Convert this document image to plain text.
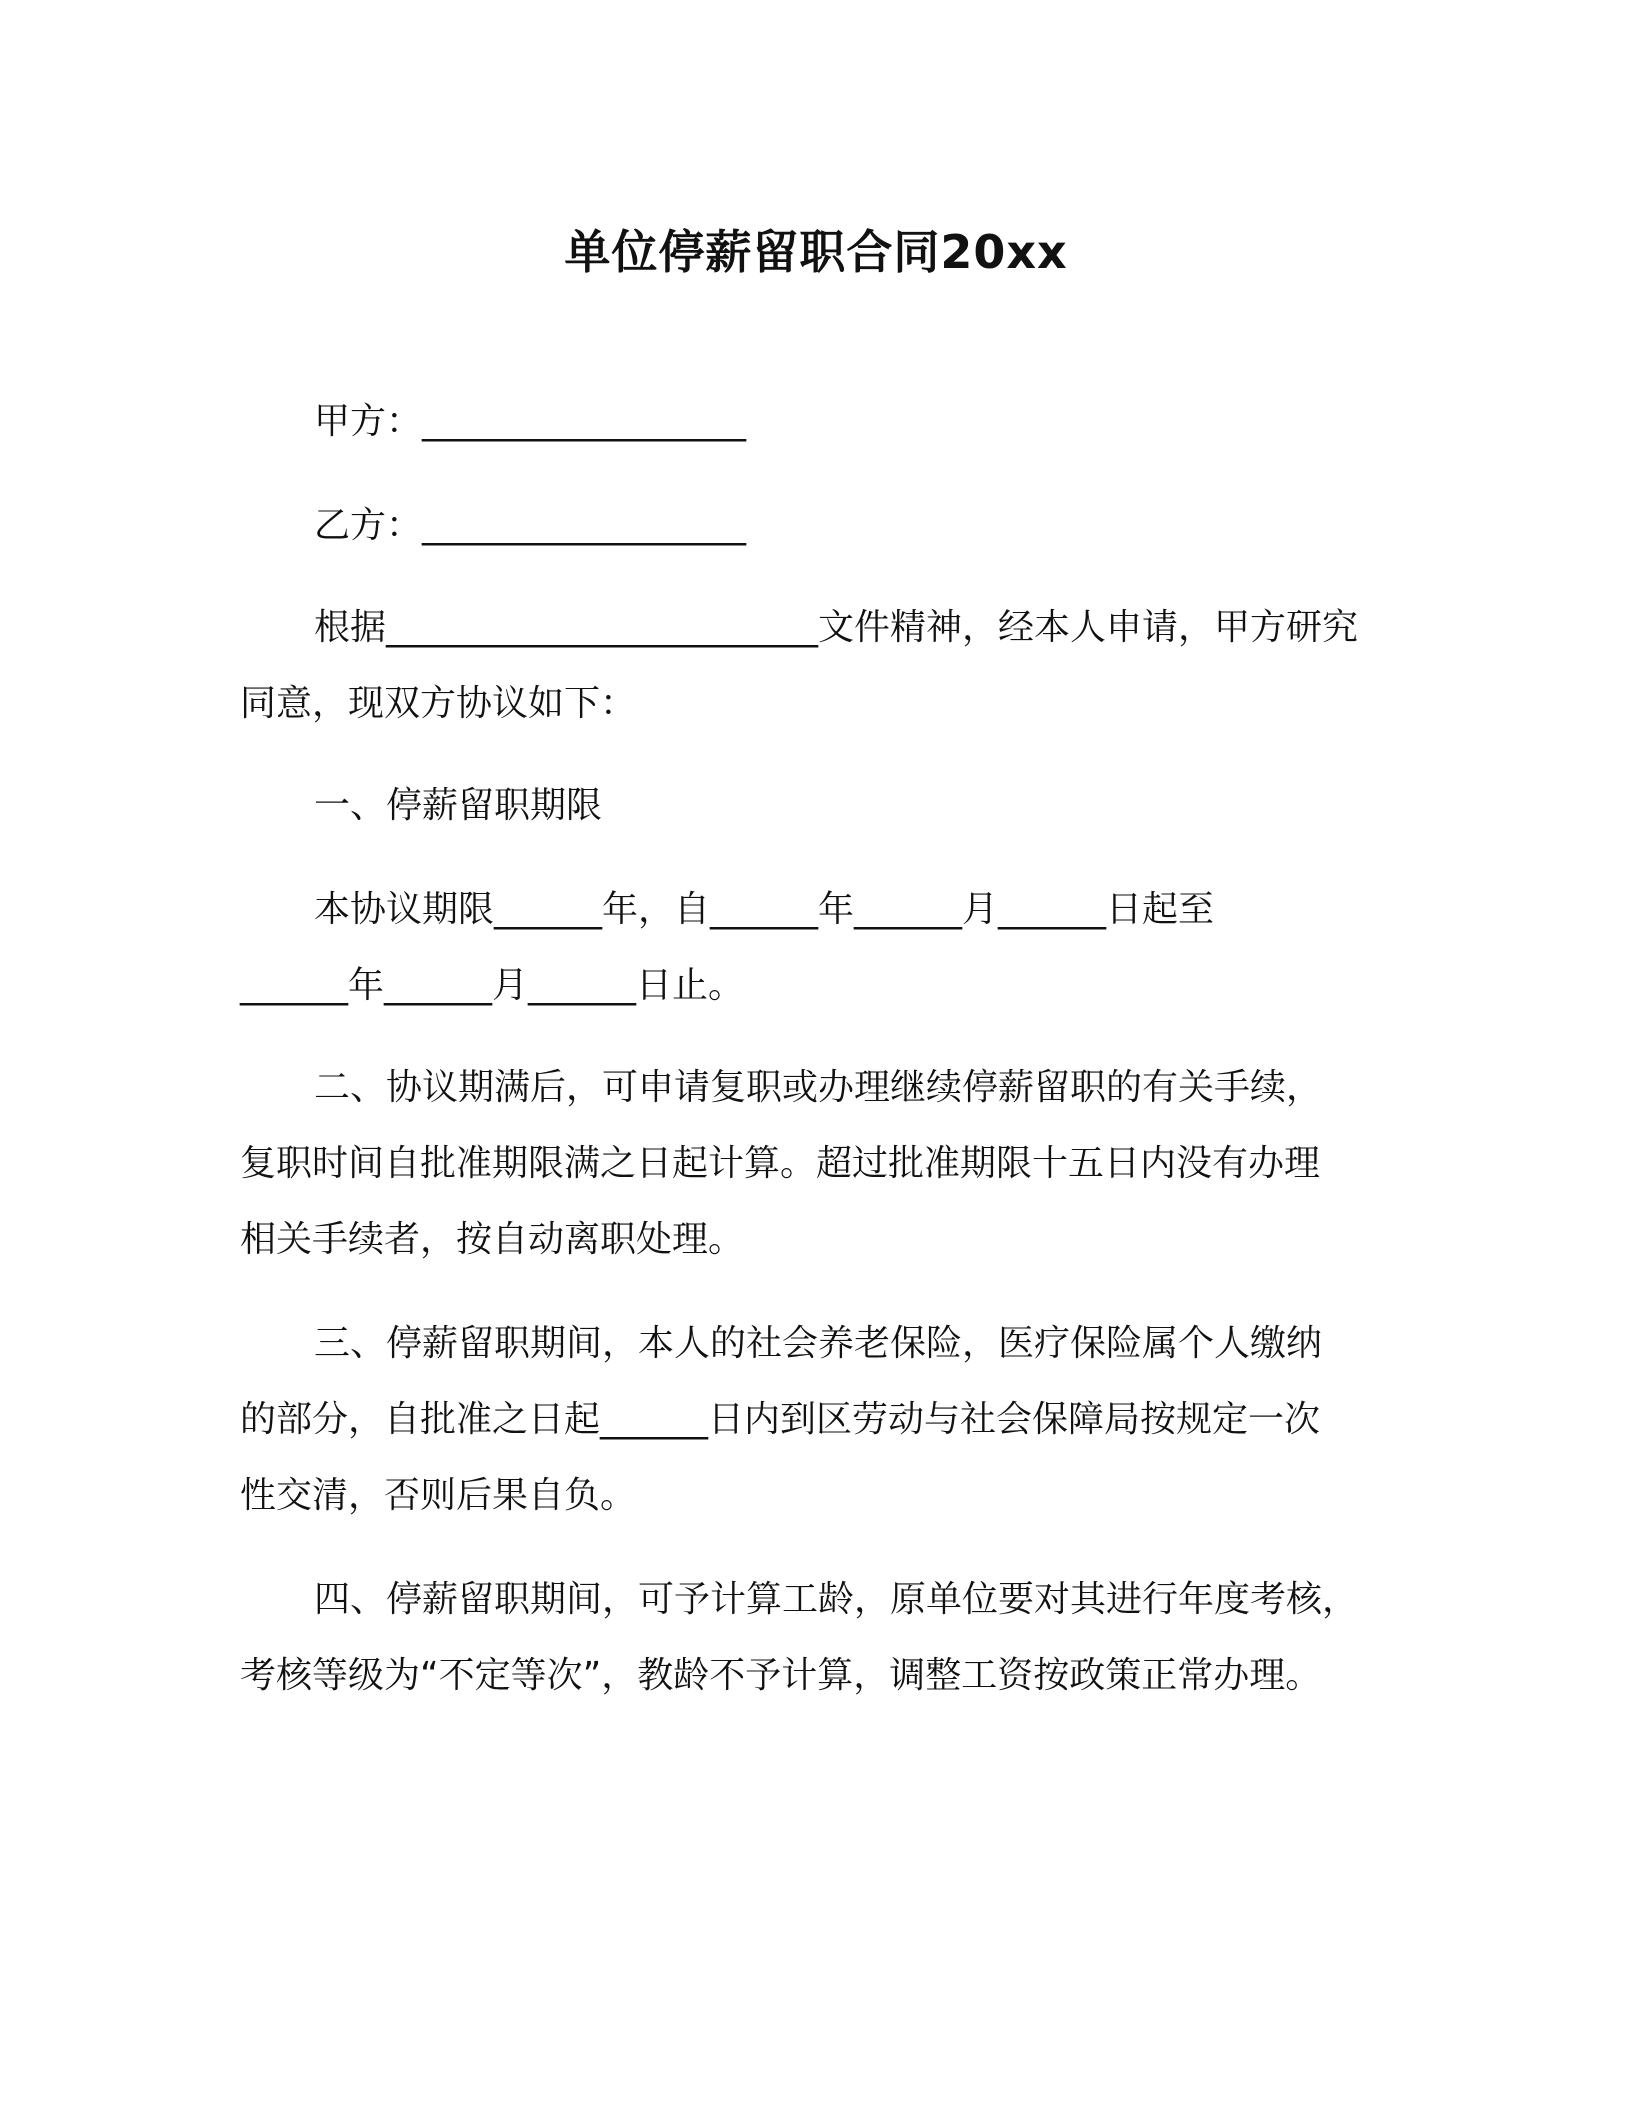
单位停薪留职合同20xx
甲方：__________________
乙方：__________________
根据________________________文件精神，经本人申请，甲方研究
同意，现双方协议如下：
一、停薪留职期限
本协议期限______年，自______年______月______日起至
______年______月______日止。
二、协议期满后，可申请复职或办理继续停薪留职的有关手续，
复职时间自批准期限满之日起计算。超过批准期限十五日内没有办理
相关手续者，按自动离职处理。
三、停薪留职期间，本人的社会养老保险，医疗保险属个人缴纳
的部分，自批准之日起______日内到区劳动与社会保障局按规定一次
性交清，否则后果自负。
四、停薪留职期间，可予计算工龄，原单位要对其进行年度考核，
考核等级为“不定等次”，教龄不予计算，调整工资按政策正常办理。
